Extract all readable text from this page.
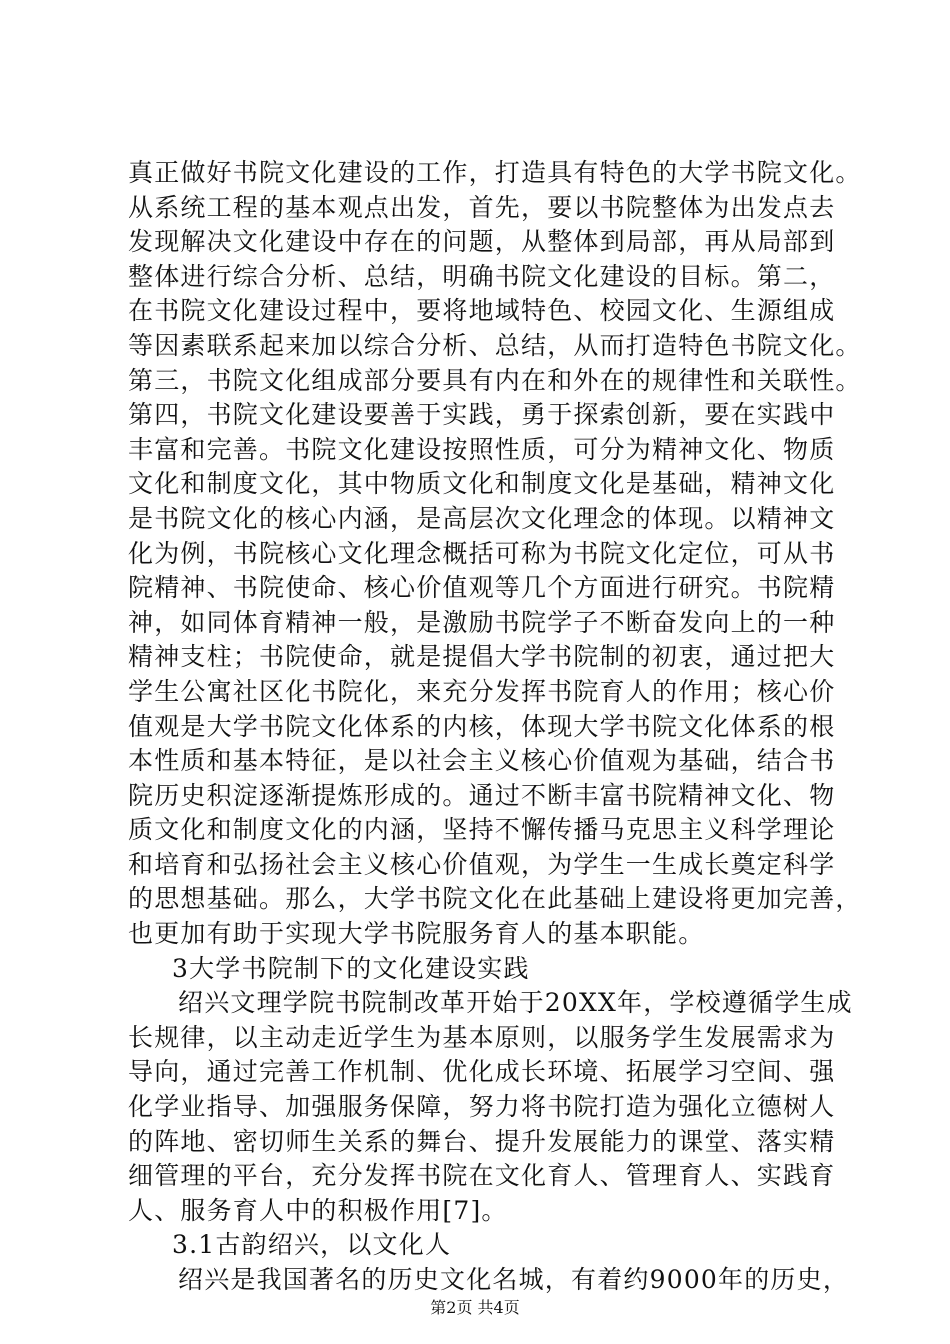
真正做好书院文化建设的工作，打造具有特色的大学书院文化。
从系统工程的基本观点出发，首先，要以书院整体为出发点去
发现解决文化建设中存在的问题，从整体到局部，再从局部到
整体进行综合分析、总结，明确书院文化建设的目标。第二，
在书院文化建设过程中，要将地域特色、校园文化、生源组成
等因素联系起来加以综合分析、总结，从而打造特色书院文化。
第三，书院文化组成部分要具有内在和外在的规律性和关联性。
第四，书院文化建设要善于实践，勇于探索创新，要在实践中
丰富和完善。书院文化建设按照性质，可分为精神文化、物质
文化和制度文化，其中物质文化和制度文化是基础，精神文化
是书院文化的核心内涵，是高层次文化理念的体现。以精神文
化为例，书院核心文化理念概括可称为书院文化定位，可从书
院精神、书院使命、核心价值观等几个方面进行研究。书院精
神，如同体育精神一般，是激励书院学子不断奋发向上的一种
精神支柱；书院使命，就是提倡大学书院制的初衷，通过把大
学生公寓社区化书院化，来充分发挥书院育人的作用；核心价
值观是大学书院文化体系的内核，体现大学书院文化体系的根
本性质和基本特征，是以社会主义核心价值观为基础，结合书
院历史积淀逐渐提炼形成的。通过不断丰富书院精神文化、物
质文化和制度文化的内涵，坚持不懈传播马克思主义科学理论
和培育和弘扬社会主义核心价值观，为学生一生成长奠定科学
的思想基础。那么，大学书院文化在此基础上建设将更加完善，
也更加有助于实现大学书院服务育人的基本职能。
3大学书院制下的文化建设实践
绍兴文理学院书院制改革开始于20XX年，学校遵循学生成
长规律，以主动走近学生为基本原则，以服务学生发展需求为
导向，通过完善工作机制、优化成长环境、拓展学习空间、强
化学业指导、加强服务保障，努力将书院打造为强化立德树人
的阵地、密切师生关系的舞台、提升发展能力的课堂、落实精
细管理的平台，充分发挥书院在文化育人、管理育人、实践育
人、服务育人中的积极作用[7]。
3.1古韵绍兴，以文化人
绍兴是我国著名的历史文化名城，有着约9000年的历史，
第2页 共4页
